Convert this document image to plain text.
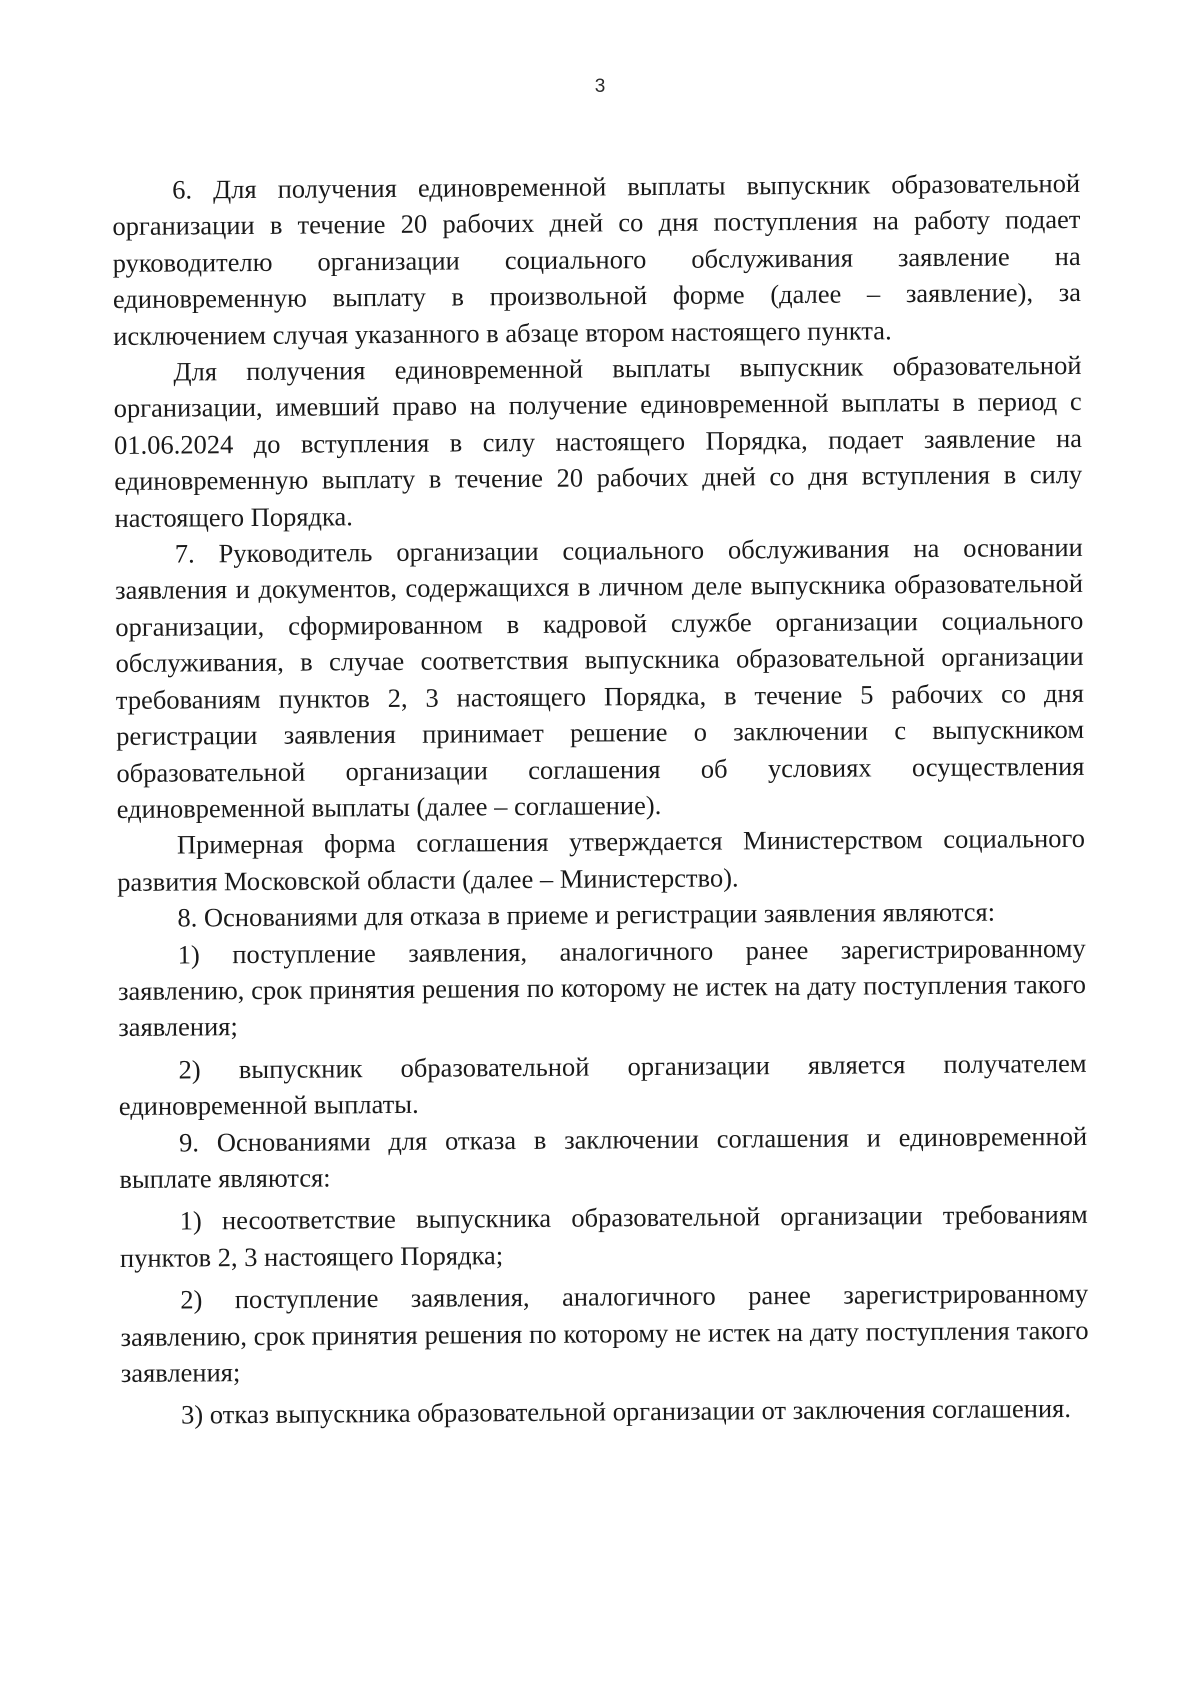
3

6. Для получения единовременной выплаты выпускник образовательной организации в течение 20 рабочих дней со дня поступления на работу подает руководителю организации социального обслуживания заявление на единовременную выплату в произвольной форме (далее – заявление), за исключением случая указанного в абзаце втором настоящего пункта.

Для получения единовременной выплаты выпускник образовательной организации, имевший право на получение единовременной выплаты в период с 01.06.2024 до вступления в силу настоящего Порядка, подает заявление на единовременную выплату в течение 20 рабочих дней со дня вступления в силу настоящего Порядка.

7. Руководитель организации социального обслуживания на основании заявления и документов, содержащихся в личном деле выпускника образовательной организации, сформированном в кадровой службе организации социального обслуживания, в случае соответствия выпускника образовательной организации требованиям пунктов 2, 3 настоящего Порядка, в течение 5 рабочих со дня регистрации заявления принимает решение о заключении с выпускником образовательной организации соглашения об условиях осуществления единовременной выплаты (далее – соглашение).

Примерная форма соглашения утверждается Министерством социального развития Московской области (далее – Министерство).

8. Основаниями для отказа в приеме и регистрации заявления являются:

1) поступление заявления, аналогичного ранее зарегистрированному заявлению, срок принятия решения по которому не истек на дату поступления такого заявления;

2) выпускник образовательной организации является получателем единовременной выплаты.

9. Основаниями для отказа в заключении соглашения и единовременной выплате являются:

1) несоответствие выпускника образовательной организации требованиям пунктов 2, 3 настоящего Порядка;

2) поступление заявления, аналогичного ранее зарегистрированному заявлению, срок принятия решения по которому не истек на дату поступления такого заявления;

3) отказ выпускника образовательной организации от заключения соглашения.
